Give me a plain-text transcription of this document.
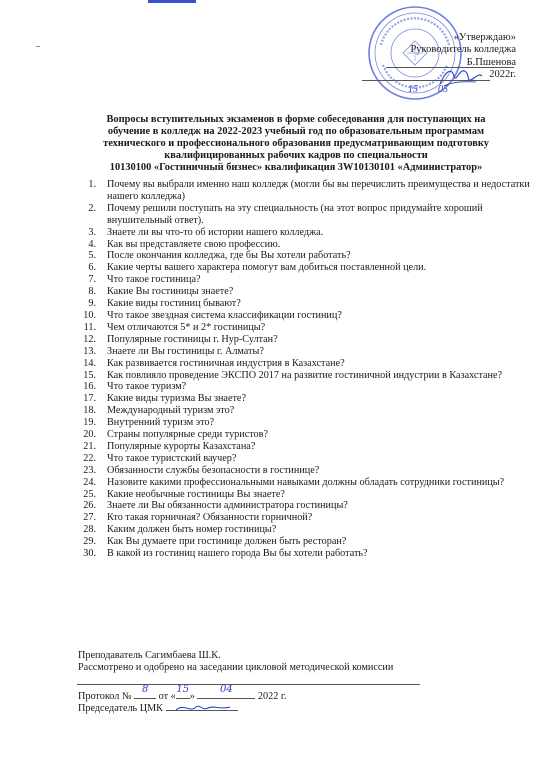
«Утверждаю»
Руководитель колледжа
Б.Пшенова
2022г.
15 05
Вопросы вступительных экзаменов в форме собеседования для поступающих на
обучение в колледж на 2022-2023 учебный год по образовательным программам
технического и профессионального образования предусматривающим подготовку
квалифицированных рабочих кадров по специальности
10130100 «Гостиничный бизнес» квалификация 3W10130101 «Администратор»
1. Почему вы выбрали именно наш колледж (могли бы вы перечислить преимущества и недостатки нашего колледжа)
2. Почему решили поступать на эту специальность (на этот вопрос придумайте хороший внушительный ответ).
3. Знаете ли вы что-то об истории нашего колледжа.
4. Как вы представляете свою профессию.
5. После окончания колледжа, где бы Вы хотели работать?
6. Какие черты вашего характера помогут вам добиться поставленной цели.
7. Что такое гостиница?
8. Какие Вы гостиницы знаете?
9. Какие виды гостиниц бывают?
10. Что такое звездная система классификации гостиниц?
11. Чем отличаются 5* и 2* гостиницы?
12. Популярные гостиницы г. Нур-Султан?
13. Знаете ли Вы гостиницы г. Алматы?
14. Как развивается гостиничная индустрия в Казахстане?
15. Как повлияло проведение ЭКСПО 2017 на развитие гостиничной индустрии в Казахстане?
16. Что такое туризм?
17. Какие виды туризма Вы знаете?
18. Международный туризм это?
19. Внутренний туризм это?
20. Страны популярные среди туристов?
21. Популярные курорты Казахстана?
22. Что такое туристский ваучер?
23. Обязанности службы безопасности в гостинице?
24. Назовите какими профессиональными навыками должны обладать сотрудники гостиницы?
25. Какие необычные гостиницы Вы знаете?
26. Знаете ли Вы обязанности администратора гостиницы?
27. Кто такая горничная? Обязанности горничной?
28. Каким должен быть номер гостиницы?
29. Как Вы думаете при гостинице должен быть ресторан?
30. В какой из гостиниц нашего города Вы бы хотели работать?
Преподаватель Сагимбаева Ш.К.
Рассмотрено и одобрено на заседании цикловой методической комиссии
Протокол №
8
от «
15
»
04
2022 г.
Председатель ЦМК
